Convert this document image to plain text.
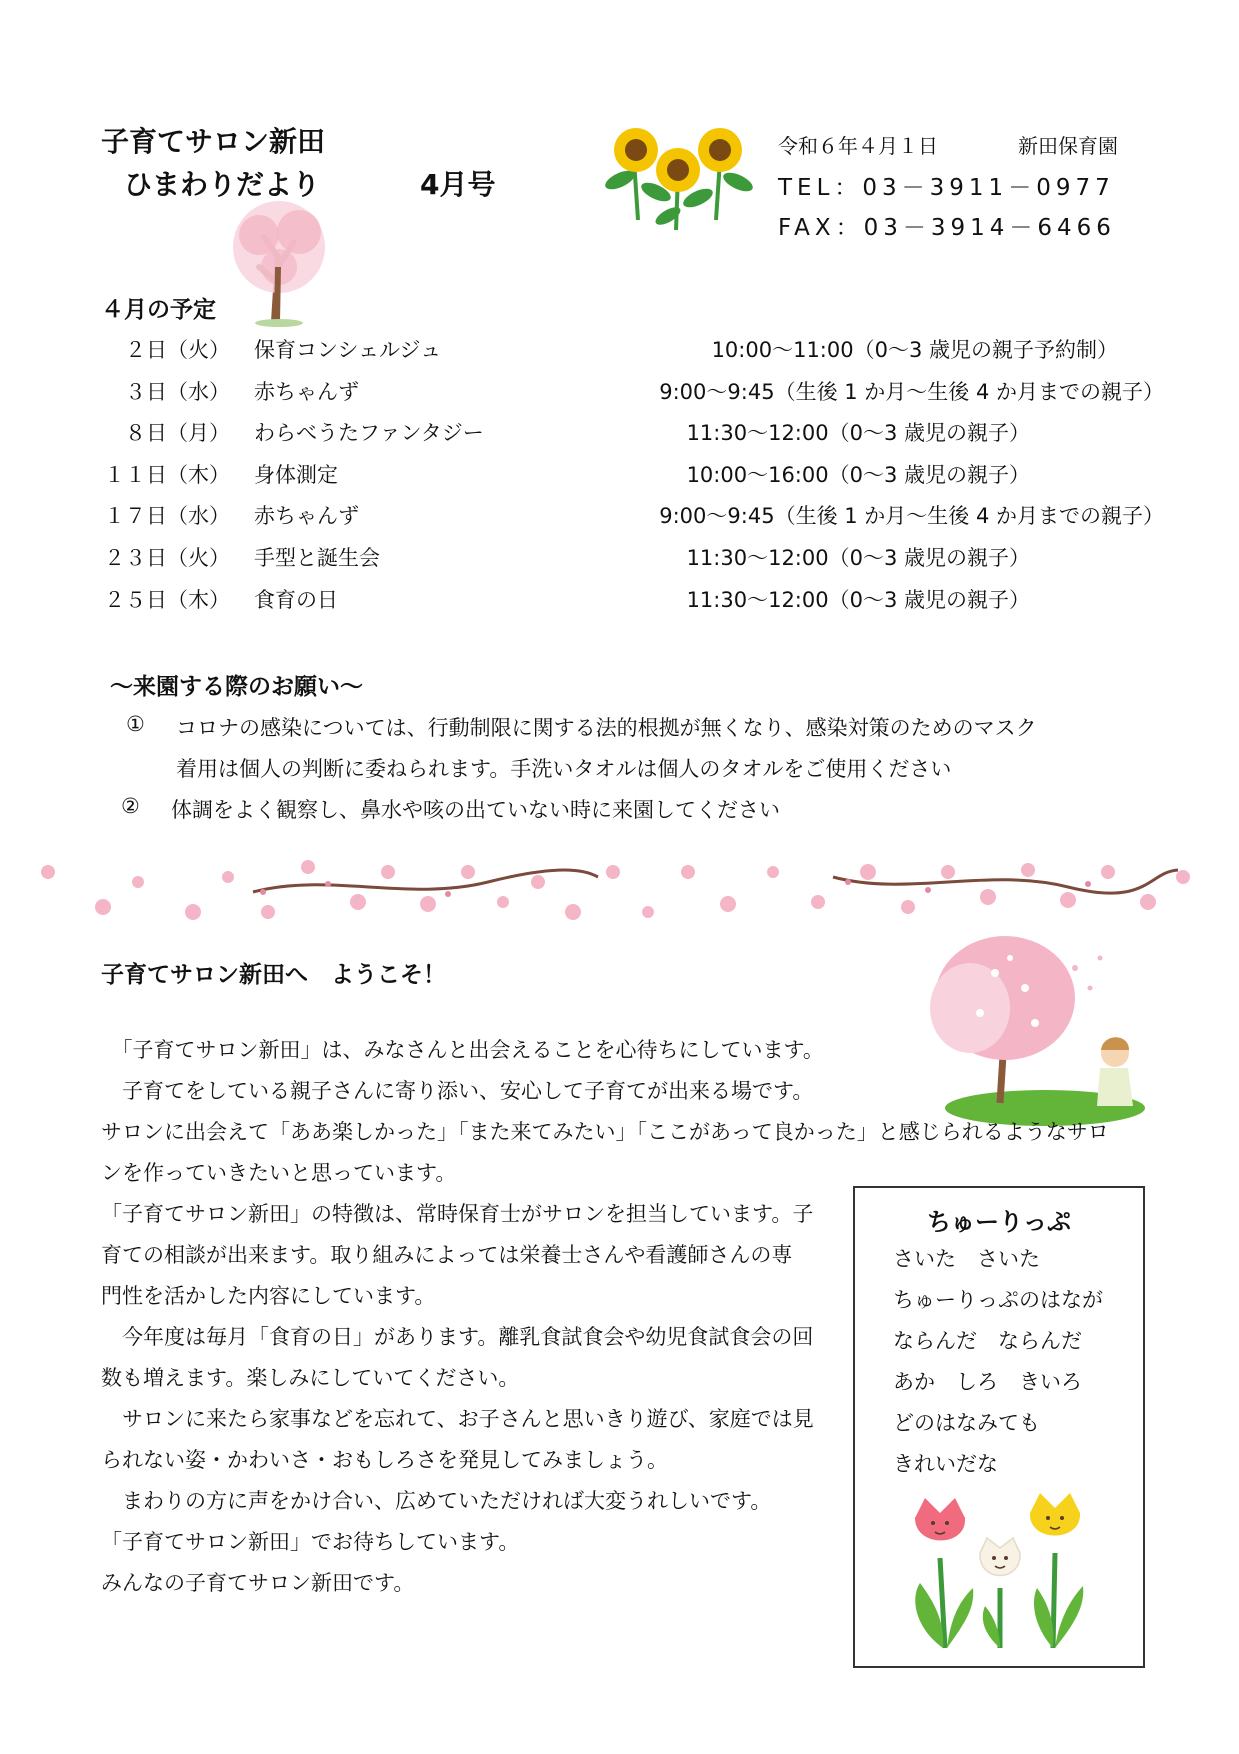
子育てサロン新田
ひまわりだより	4月号
令和６年４月１日	新田保育園
TEL：03－3911－0977
FAX：03－3914－6466
４月の予定
２日（火） 保育コンシェルジュ	10:00～11:00（0～3 歳児の親子予約制）
３日（水） 赤ちゃんず	9:00～9:45（生後 1 か月～生後 4 か月までの親子）
８日（月） わらべうたファンタジー	11:30～12:00（0～3 歳児の親子）
１１日（木） 身体測定	10:00～16:00（0～3 歳児の親子）
１７日（水） 赤ちゃんず	9:00～9:45（生後 1 か月～生後 4 か月までの親子）
２３日（火） 手型と誕生会	11:30～12:00（0～3 歳児の親子）
２５日（木） 食育の日	11:30～12:00（0～3 歳児の親子）
～来園する際のお願い～
① コロナの感染については、行動制限に関する法的根拠が無くなり、感染対策のためのマスク
着用は個人の判断に委ねられます。手洗いタオルは個人のタオルをご使用ください
② 体調をよく観察し、鼻水や咳の出ていない時に来園してください
子育てサロン新田へ　ようこそ！

　「子育てサロン新田」は、みなさんと出会えることを心待ちにしています。

　子育てをしている親子さんに寄り添い、安心して子育てが出来る場です。

サロンに出会えて「ああ楽しかった」「また来てみたい」「ここがあって良かった」と感じられるようなサロ

ンを作っていきたいと思っています。

「子育てサロン新田」の特徴は、常時保育士がサロンを担当しています。子

育ての相談が出来ます。取り組みによっては栄養士さんや看護師さんの専

門性を活かした内容にしています。

　今年度は毎月「食育の日」があります。離乳食試食会や幼児食試食会の回

数も増えます。楽しみにしていてください。

　サロンに来たら家事などを忘れて、お子さんと思いきり遊び、家庭では見

られない姿・かわいさ・おもしろさを発見してみましょう。

　まわりの方に声をかけ合い、広めていただければ大変うれしいです。

「子育てサロン新田」でお待ちしています。

みんなの子育てサロン新田です。

ちゅーりっぷ
さいた　さいた
ちゅーりっぷのはなが
ならんだ　ならんだ
あか　しろ　きいろ
どのはなみても
きれいだな
